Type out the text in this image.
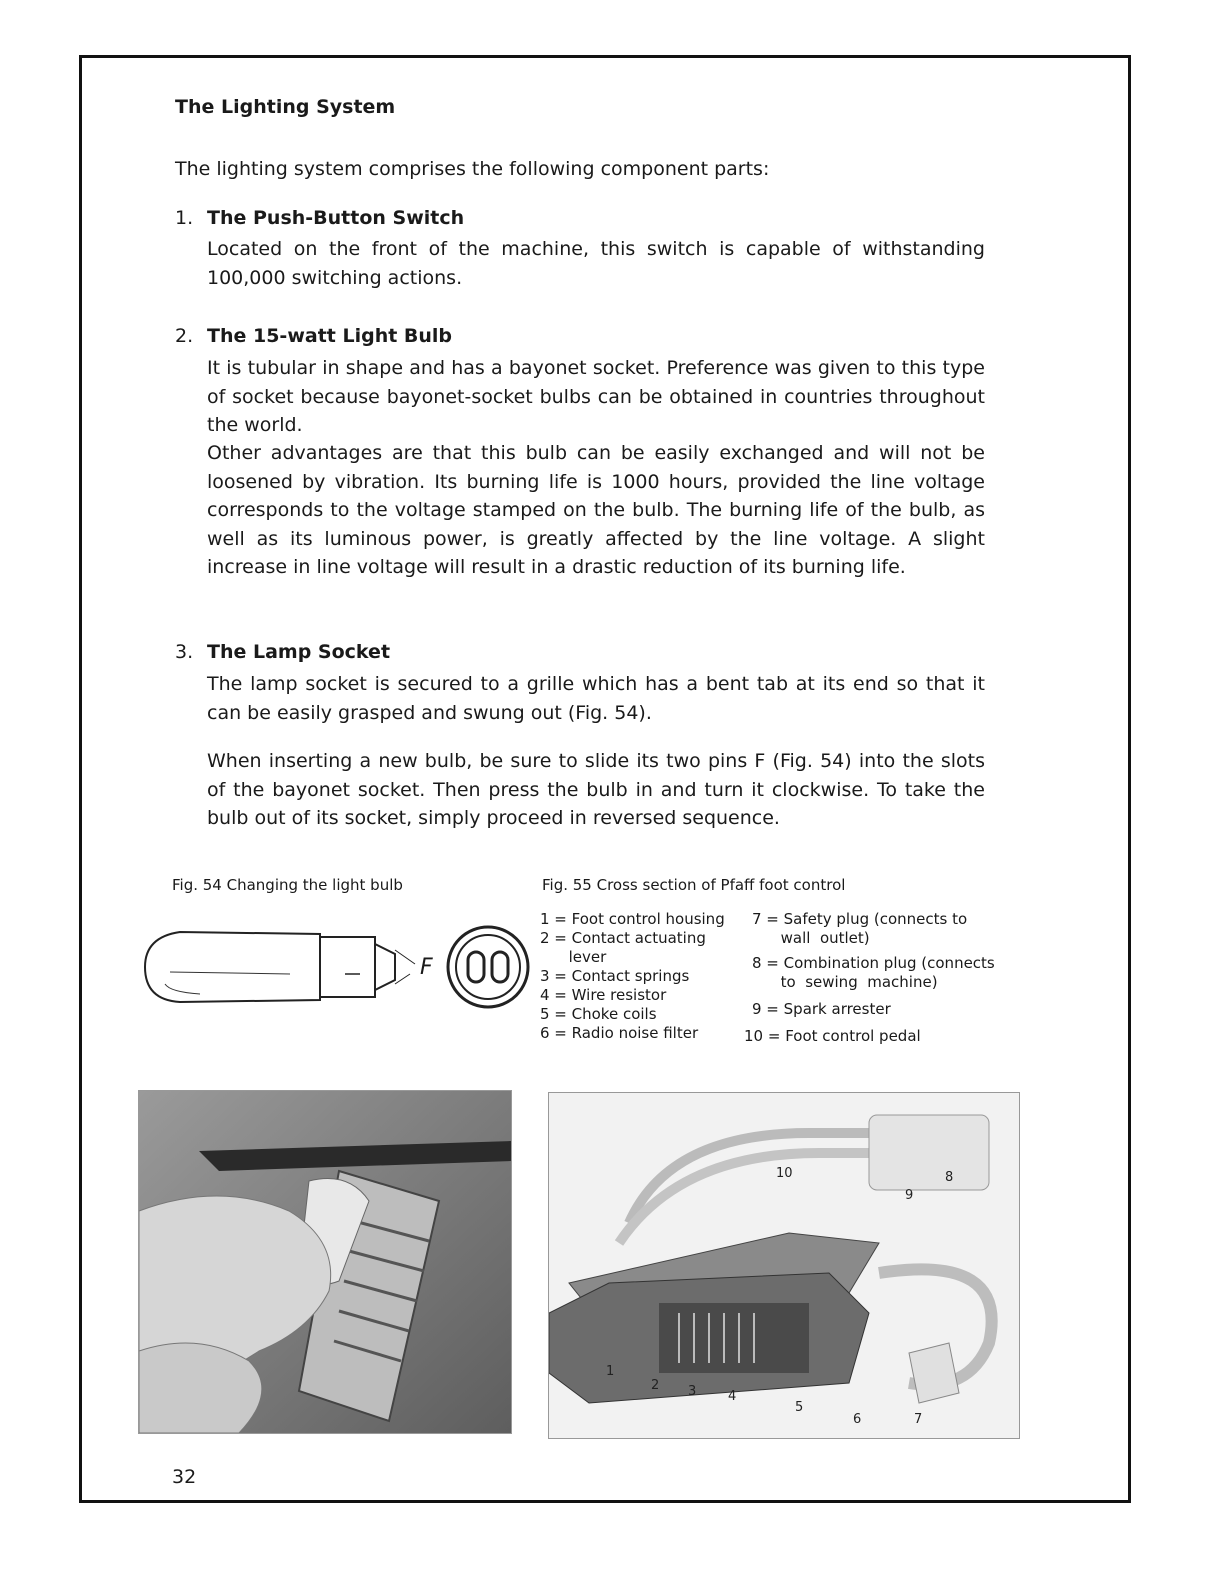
The Lighting System
The lighting system comprises the following component parts:
1. The Push-Button Switch
Located on the front of the machine, this switch is capable of withstanding 100,000 switching actions.
2. The 15-watt Light Bulb
It is tubular in shape and has a bayonet socket. Preference was given to this type of socket because bayonet-socket bulbs can be obtained in countries throughout the world.
Other advantages are that this bulb can be easily exchanged and will not be loosened by vibration. Its burning life is 1000 hours, provided the line voltage corresponds to the voltage stamped on the bulb. The burning life of the bulb, as well as its luminous power, is greatly affected by the line voltage. A slight increase in line voltage will result in a drastic reduction of its burning life.
3. The Lamp Socket
The lamp socket is secured to a grille which has a bent tab at its end so that it can be easily grasped and swung out (Fig. 54).
When inserting a new bulb, be sure to slide its two pins F (Fig. 54) into the slots of the bayonet socket. Then press the bulb in and turn it clockwise. To take the bulb out of its socket, simply proceed in reversed sequence.
Fig. 54 Changing the light bulb
F
Fig. 55 Cross section of Pfaff foot control
1 = Foot control housing
2 = Contact actuating
lever
3 = Contact springs
4 = Wire resistor
5 = Choke coils
6 = Radio noise filter
7 = Safety plug (connects to
wall  outlet)
8 = Combination plug (connects
to  sewing  machine)
9 = Spark arrester
10 = Foot control pedal
1
2 3 4
5
6	7
8
9
10
32
